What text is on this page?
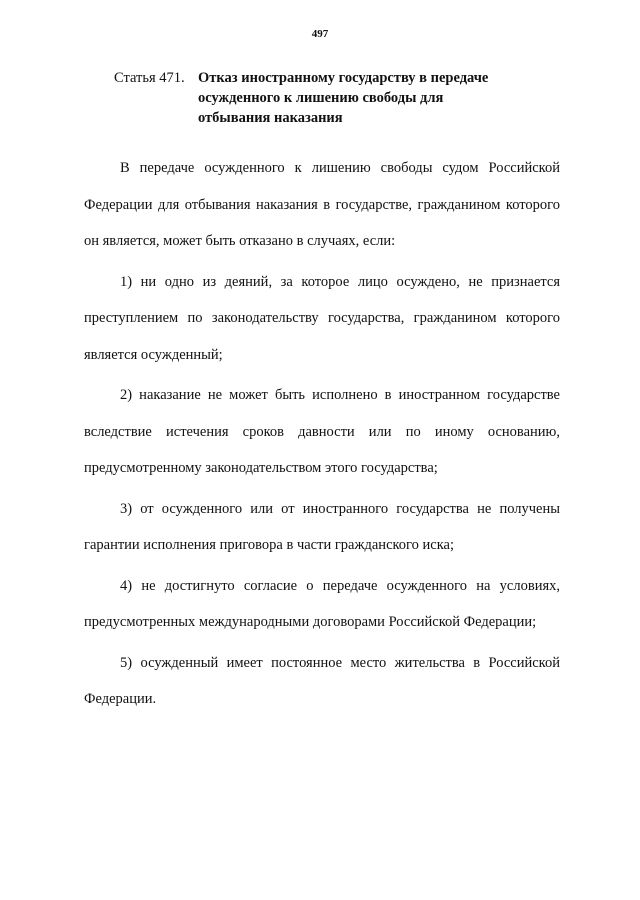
497
Статья 471. Отказ иностранному государству в передаче
осужденного к лишению свободы для
отбывания наказания

В передаче осужденного к лишению свободы судом Российской Федерации для отбывания наказания в государстве, гражданином которого он является, может быть отказано в случаях, если:

1) ни одно из деяний, за которое лицо осуждено, не признается преступлением по законодательству государства, гражданином которого является осужденный;

2) наказание не может быть исполнено в иностранном государстве вследствие истечения сроков давности или по иному основанию, предусмотренному законодательством этого государства;

3) от осужденного или от иностранного государства не получены гарантии исполнения приговора в части гражданского иска;

4) не достигнуто согласие о передаче осужденного на условиях, предусмотренных международными договорами Российской Федерации;

5) осужденный имеет постоянное место жительства в Российской Федерации.
